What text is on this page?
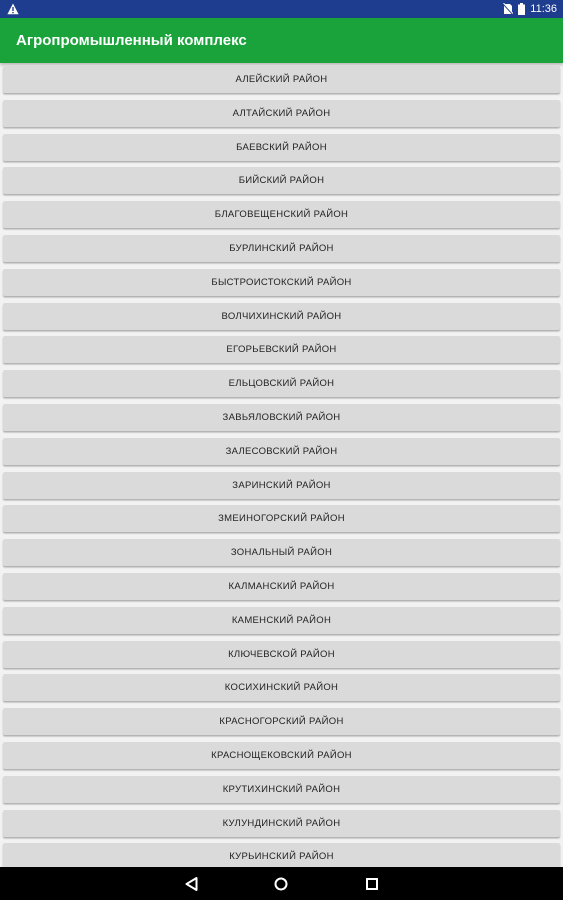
11:36
Агропромышленный комплекс
АЛЕЙСКИЙ РАЙОН
АЛТАЙСКИЙ РАЙОН
БАЕВСКИЙ РАЙОН
БИЙСКИЙ РАЙОН
БЛАГОВЕЩЕНСКИЙ РАЙОН
БУРЛИНСКИЙ РАЙОН
БЫСТРОИСТОКСКИЙ РАЙОН
ВОЛЧИХИНСКИЙ РАЙОН
ЕГОРЬЕВСКИЙ РАЙОН
ЕЛЬЦОВСКИЙ РАЙОН
ЗАВЬЯЛОВСКИЙ РАЙОН
ЗАЛЕСОВСКИЙ РАЙОН
ЗАРИНСКИЙ РАЙОН
ЗМЕИНОГОРСКИЙ РАЙОН
ЗОНАЛЬНЫЙ РАЙОН
КАЛМАНСКИЙ РАЙОН
КАМЕНСКИЙ РАЙОН
КЛЮЧЕВСКОЙ РАЙОН
КОСИХИНСКИЙ РАЙОН
КРАСНОГОРСКИЙ РАЙОН
КРАСНОЩЕКОВСКИЙ РАЙОН
КРУТИХИНСКИЙ РАЙОН
КУЛУНДИНСКИЙ РАЙОН
КУРЬИНСКИЙ РАЙОН
